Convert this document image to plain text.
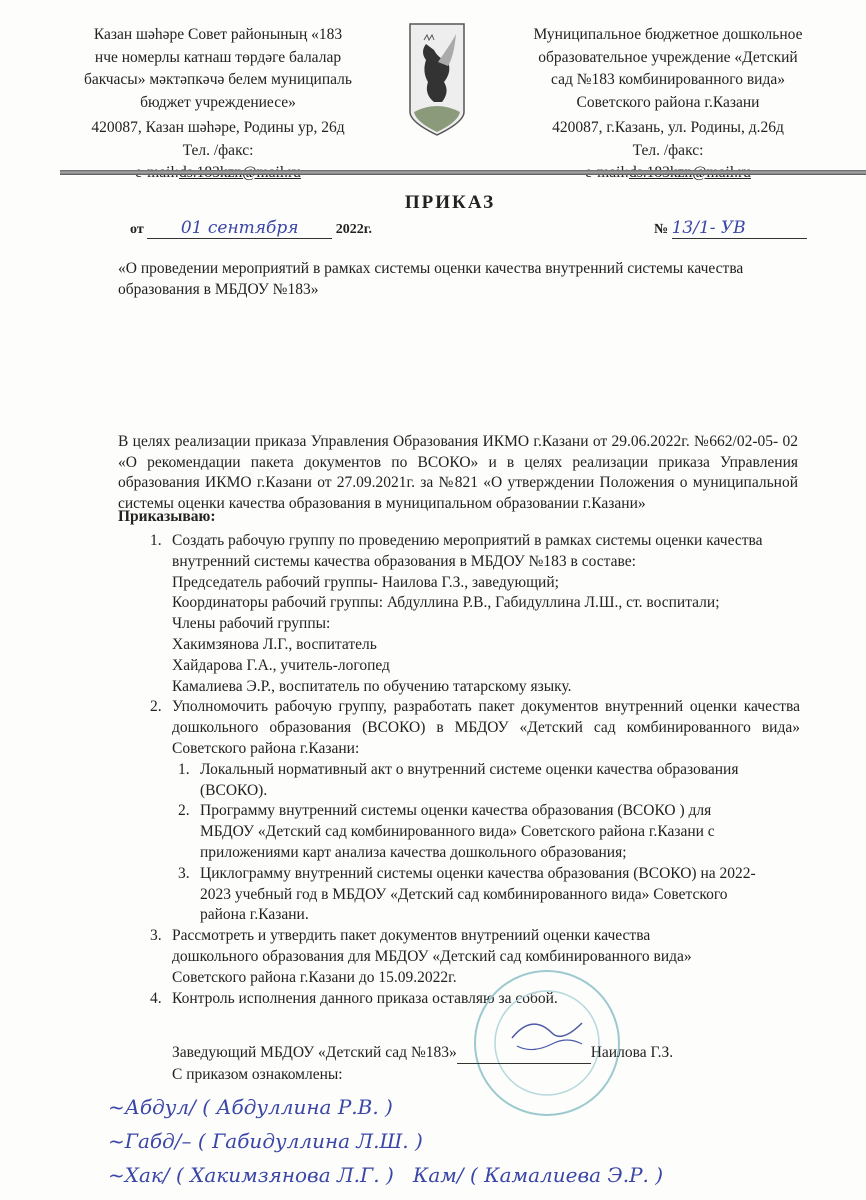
Казан шәһәре Совет районының «183
нче номерлы катнаш төрдәге балалар
бакчасы» мәктәпкәчә белем муниципаль
бюджет учреждениесе»
420087, Казан шәһәре, Родины ур, 26д
Тел. /факс:
Муниципальное бюджетное дошкольное
образовательное учреждение «Детский
сад №183 комбинированного вида»
Советского района г.Казани
420087, г.Казань, ул. Родины, д.26д
Тел. /факс:
ПРИКАЗ
от 01 сентября	2022г.	№ 13/1- УВ
«О проведении мероприятий в рамках системы оценки качества внутренний системы качества образования в МБДОУ №183»
В целях реализации приказа Управления Образования ИКМО г.Казани от 29.06.2022г. №662/02-05- 02 «О рекомендации пакета документов по ВСОКО» и в целях реализации приказа Управления образования ИКМО г.Казани от 27.09.2021г. за №821 «О утверждении Положения о муниципальной системы оценки качества образования в муниципальном образовании г.Казани»
Приказываю:
1. Создать рабочую группу по проведению мероприятий в рамках системы оценки качества внутренний системы качества образования в МБДОУ №183 в составе:
Председатель рабочий группы- Наилова Г.З., заведующий;
Координаторы рабочий группы: Абдуллина Р.В., Габидуллина Л.Ш., ст. воспитали;
Члены рабочий группы:
Хакимзянова Л.Г., воспитатель
Хайдарова Г.А., учитель-логопед
Камалиева Э.Р., воспитатель по обучению татарскому языку.
2. Уполномочить рабочую группу, разработать пакет документов внутренний оценки качества дошкольного образования (ВСОКО) в МБДОУ «Детский сад комбинированного вида» Советского района г.Казани:
1. Локальный нормативный акт о внутренний системе оценки качества образования (ВСОКО).
2. Программу внутренний системы оценки качества образования (ВСОКО ) для МБДОУ «Детский сад комбинированного вида» Советского района г.Казани с приложениями карт анализа качества дошкольного образования;
3. Циклограмму внутренний системы оценки качества образования (ВСОКО) на 2022-2023 учебный год в МБДОУ «Детский сад комбинированного вида» Советского района г.Казани.
3. Рассмотреть и утвердить пакет документов внутрениий оценки качества дошкольного образования для МБДОУ «Детский сад комбинированного вида» Советского района г.Казани до 15.09.2022г.
4. Контроль исполнения данного приказа оставляю за собой.
Заведующий МБДОУ «Детский сад №183»	Наилова Г.З.
С приказом ознакомлены:
~Абдул/ ( Абдуллина Р.В. )
~Габд/– ( Габидуллина Л.Ш. )
~Хак/ ( Хакимзянова Л.Г. )   Кам/ ( Камалиева Э.Р. )
